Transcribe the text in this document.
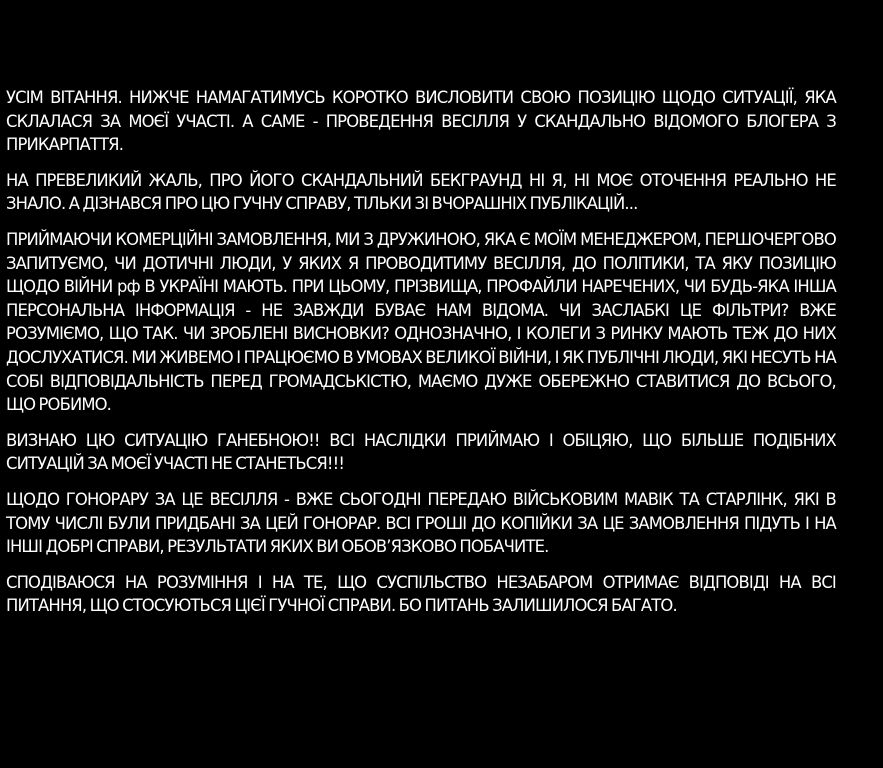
УСІМ ВІТАННЯ. НИЖЧЕ НАМАГАТИМУСЬ КОРОТКО ВИСЛОВИТИ СВОЮ ПОЗИЦІЮ ЩОДО СИТУАЦІЇ, ЯКА СКЛАЛАСЯ ЗА МОЄЇ УЧАСТІ. А САМЕ - ПРОВЕДЕННЯ ВЕСІЛЛЯ У СКАНДАЛЬНО ВІДОМОГО БЛОГЕРА З ПРИКАРПАТТЯ.

НА ПРЕВЕЛИКИЙ ЖАЛЬ, ПРО ЙОГО СКАНДАЛЬНИЙ БЕКГРАУНД НІ Я, НІ МОЄ ОТОЧЕННЯ РЕАЛЬНО НЕ ЗНАЛО. А ДІЗНАВСЯ ПРО ЦЮ ГУЧНУ СПРАВУ, ТІЛЬКИ ЗІ ВЧОРАШНІХ ПУБЛІКАЦІЙ...

ПРИЙМАЮЧИ КОМЕРЦІЙНІ ЗАМОВЛЕННЯ, МИ З ДРУЖИНОЮ, ЯКА Є МОЇМ МЕНЕДЖЕРОМ, ПЕРШОЧЕРГОВО ЗАПИТУЄМО, ЧИ ДОТИЧНІ ЛЮДИ, У ЯКИХ Я ПРОВОДИТИМУ ВЕСІЛЛЯ, ДО ПОЛІТИКИ, ТА ЯКУ ПОЗИЦІЮ ЩОДО ВІЙНИ рф В УКРАЇНІ МАЮТЬ. ПРИ ЦЬОМУ, ПРІЗВИЩА, ПРОФАЙЛИ НАРЕЧЕНИХ, ЧИ БУДЬ-ЯКА ІНША ПЕРСОНАЛЬНА ІНФОРМАЦІЯ - НЕ ЗАВЖДИ БУВАЄ НАМ ВІДОМА. ЧИ ЗАСЛАБКІ ЦЕ ФІЛЬТРИ? ВЖЕ РОЗУМІЄМО, ЩО ТАК. ЧИ ЗРОБЛЕНІ ВИСНОВКИ? ОДНОЗНАЧНО, І КОЛЕГИ З РИНКУ МАЮТЬ ТЕЖ ДО НИХ ДОСЛУХАТИСЯ. МИ ЖИВЕМО І ПРАЦЮЄМО В УМОВАХ ВЕЛИКОЇ ВІЙНИ, І ЯК ПУБЛІЧНІ ЛЮДИ, ЯКІ НЕСУТЬ НА СОБІ ВІДПОВІДАЛЬНІСТЬ ПЕРЕД ГРОМАДСЬКІСТЮ, МАЄМО ДУЖЕ ОБЕРЕЖНО СТАВИТИСЯ ДО ВСЬОГО, ЩО РОБИМО.

ВИЗНАЮ ЦЮ СИТУАЦІЮ ГАНЕБНОЮ!! ВСІ НАСЛІДКИ ПРИЙМАЮ І ОБІЦЯЮ, ЩО БІЛЬШЕ ПОДІБНИХ СИТУАЦІЙ ЗА МОЄЇ УЧАСТІ НЕ СТАНЕТЬСЯ!!!

ЩОДО ГОНОРАРУ ЗА ЦЕ ВЕСІЛЛЯ - ВЖЕ СЬОГОДНІ ПЕРЕДАЮ ВІЙСЬКОВИМ МАВІК ТА СТАРЛІНК, ЯКІ В ТОМУ ЧИСЛІ БУЛИ ПРИДБАНІ ЗА ЦЕЙ ГОНОРАР. ВСІ ГРОШІ ДО КОПІЙКИ ЗА ЦЕ ЗАМОВЛЕННЯ ПІДУТЬ І НА ІНШІ ДОБРІ СПРАВИ, РЕЗУЛЬТАТИ ЯКИХ ВИ ОБОВ’ЯЗКОВО ПОБАЧИТЕ.

СПОДІВАЮСЯ НА РОЗУМІННЯ І НА ТЕ, ЩО СУСПІЛЬСТВО НЕЗАБАРОМ ОТРИМАЄ ВІДПОВІДІ НА ВСІ ПИТАННЯ, ЩО СТОСУЮТЬСЯ ЦІЄЇ ГУЧНОЇ СПРАВИ. БО ПИТАНЬ ЗАЛИШИЛОСЯ БАГАТО.
